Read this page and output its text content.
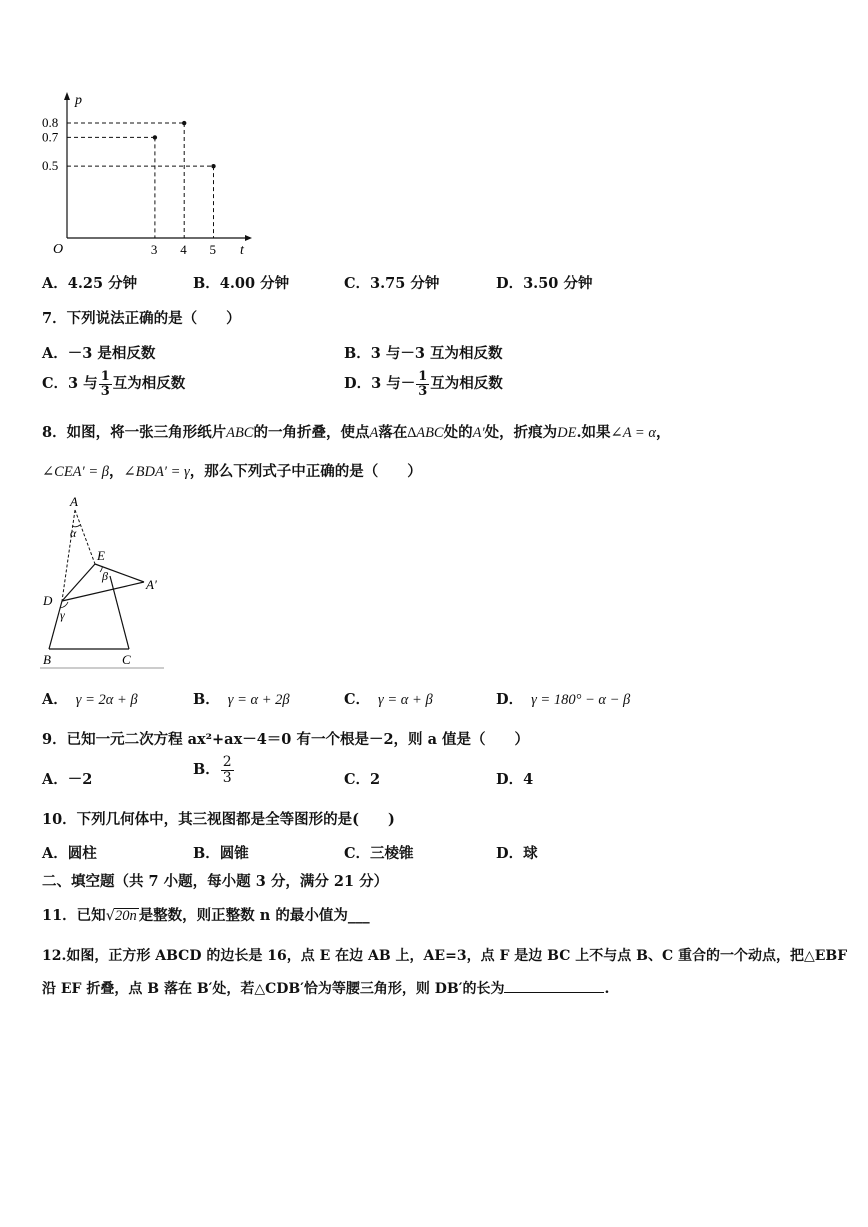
p
t
O
0.8
0.7
0.5
3 4 5
A．4.25 分钟	B．4.00 分钟	C．3.75 分钟	D．3.50 分钟
7．下列说法正确的是（　　）
A．－3 是相反数	B．3 与－3 互为相反数
C．3 与 $\frac{1}{3}$ 互为相反数	D．3 与－ $\frac{1}{3}$ 互为相反数
8．如图，将一张三角形纸片ABC的一角折叠，使点A落在∆ABC处的A′处，折痕为DE.如果∠A = α，
∠CEA′ = β，∠BDA′ = γ，那么下列式子中正确的是（　　）
A
α
E
β
A′
D
γ
B	C
A． γ = 2α + β	B． γ = α + 2β	C． γ = α + β	D． γ = 180° − α − β
9．已知一元二次方程 ax²+ax－4＝0 有一个根是－2，则 a 值是（　　）
A．－2
B． $\frac{2}{3}$	C．2	D．4
10．下列几何体中，其三视图都是全等图形的是(　　)
A．圆柱	B．圆锥	C．三棱锥	D．球
二、填空题（共 7 小题，每小题 3 分，满分 21 分）
11．已知√20n 是整数，则正整数 n 的最小值为___
12.如图，正方形 ABCD 的边长是 16，点 E 在边 AB 上，AE=3，点 F 是边 BC 上不与点 B、C 重合的一个动点，把△EBF
沿 EF 折叠，点 B 落在 B′处，若△CDB′恰为等腰三角形，则 DB′的长为	.
